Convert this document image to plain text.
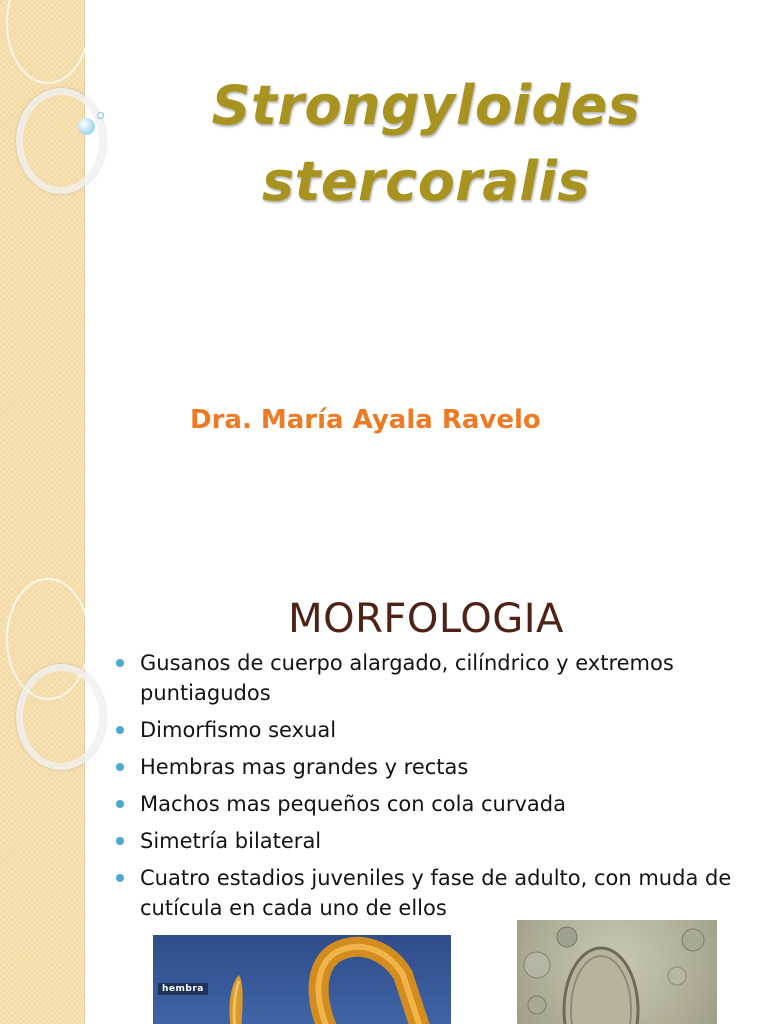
Strongyloides
stercoralis
Dra. María Ayala Ravelo
MORFOLOGIA
Gusanos de cuerpo alargado, cilíndrico y extremos puntiagudos
Dimorfismo sexual
Hembras mas grandes y rectas
Machos mas pequeños con cola curvada
Simetría bilateral
Cuatro estadios juveniles y fase de adulto, con muda de cutícula en cada uno de ellos
hembra
